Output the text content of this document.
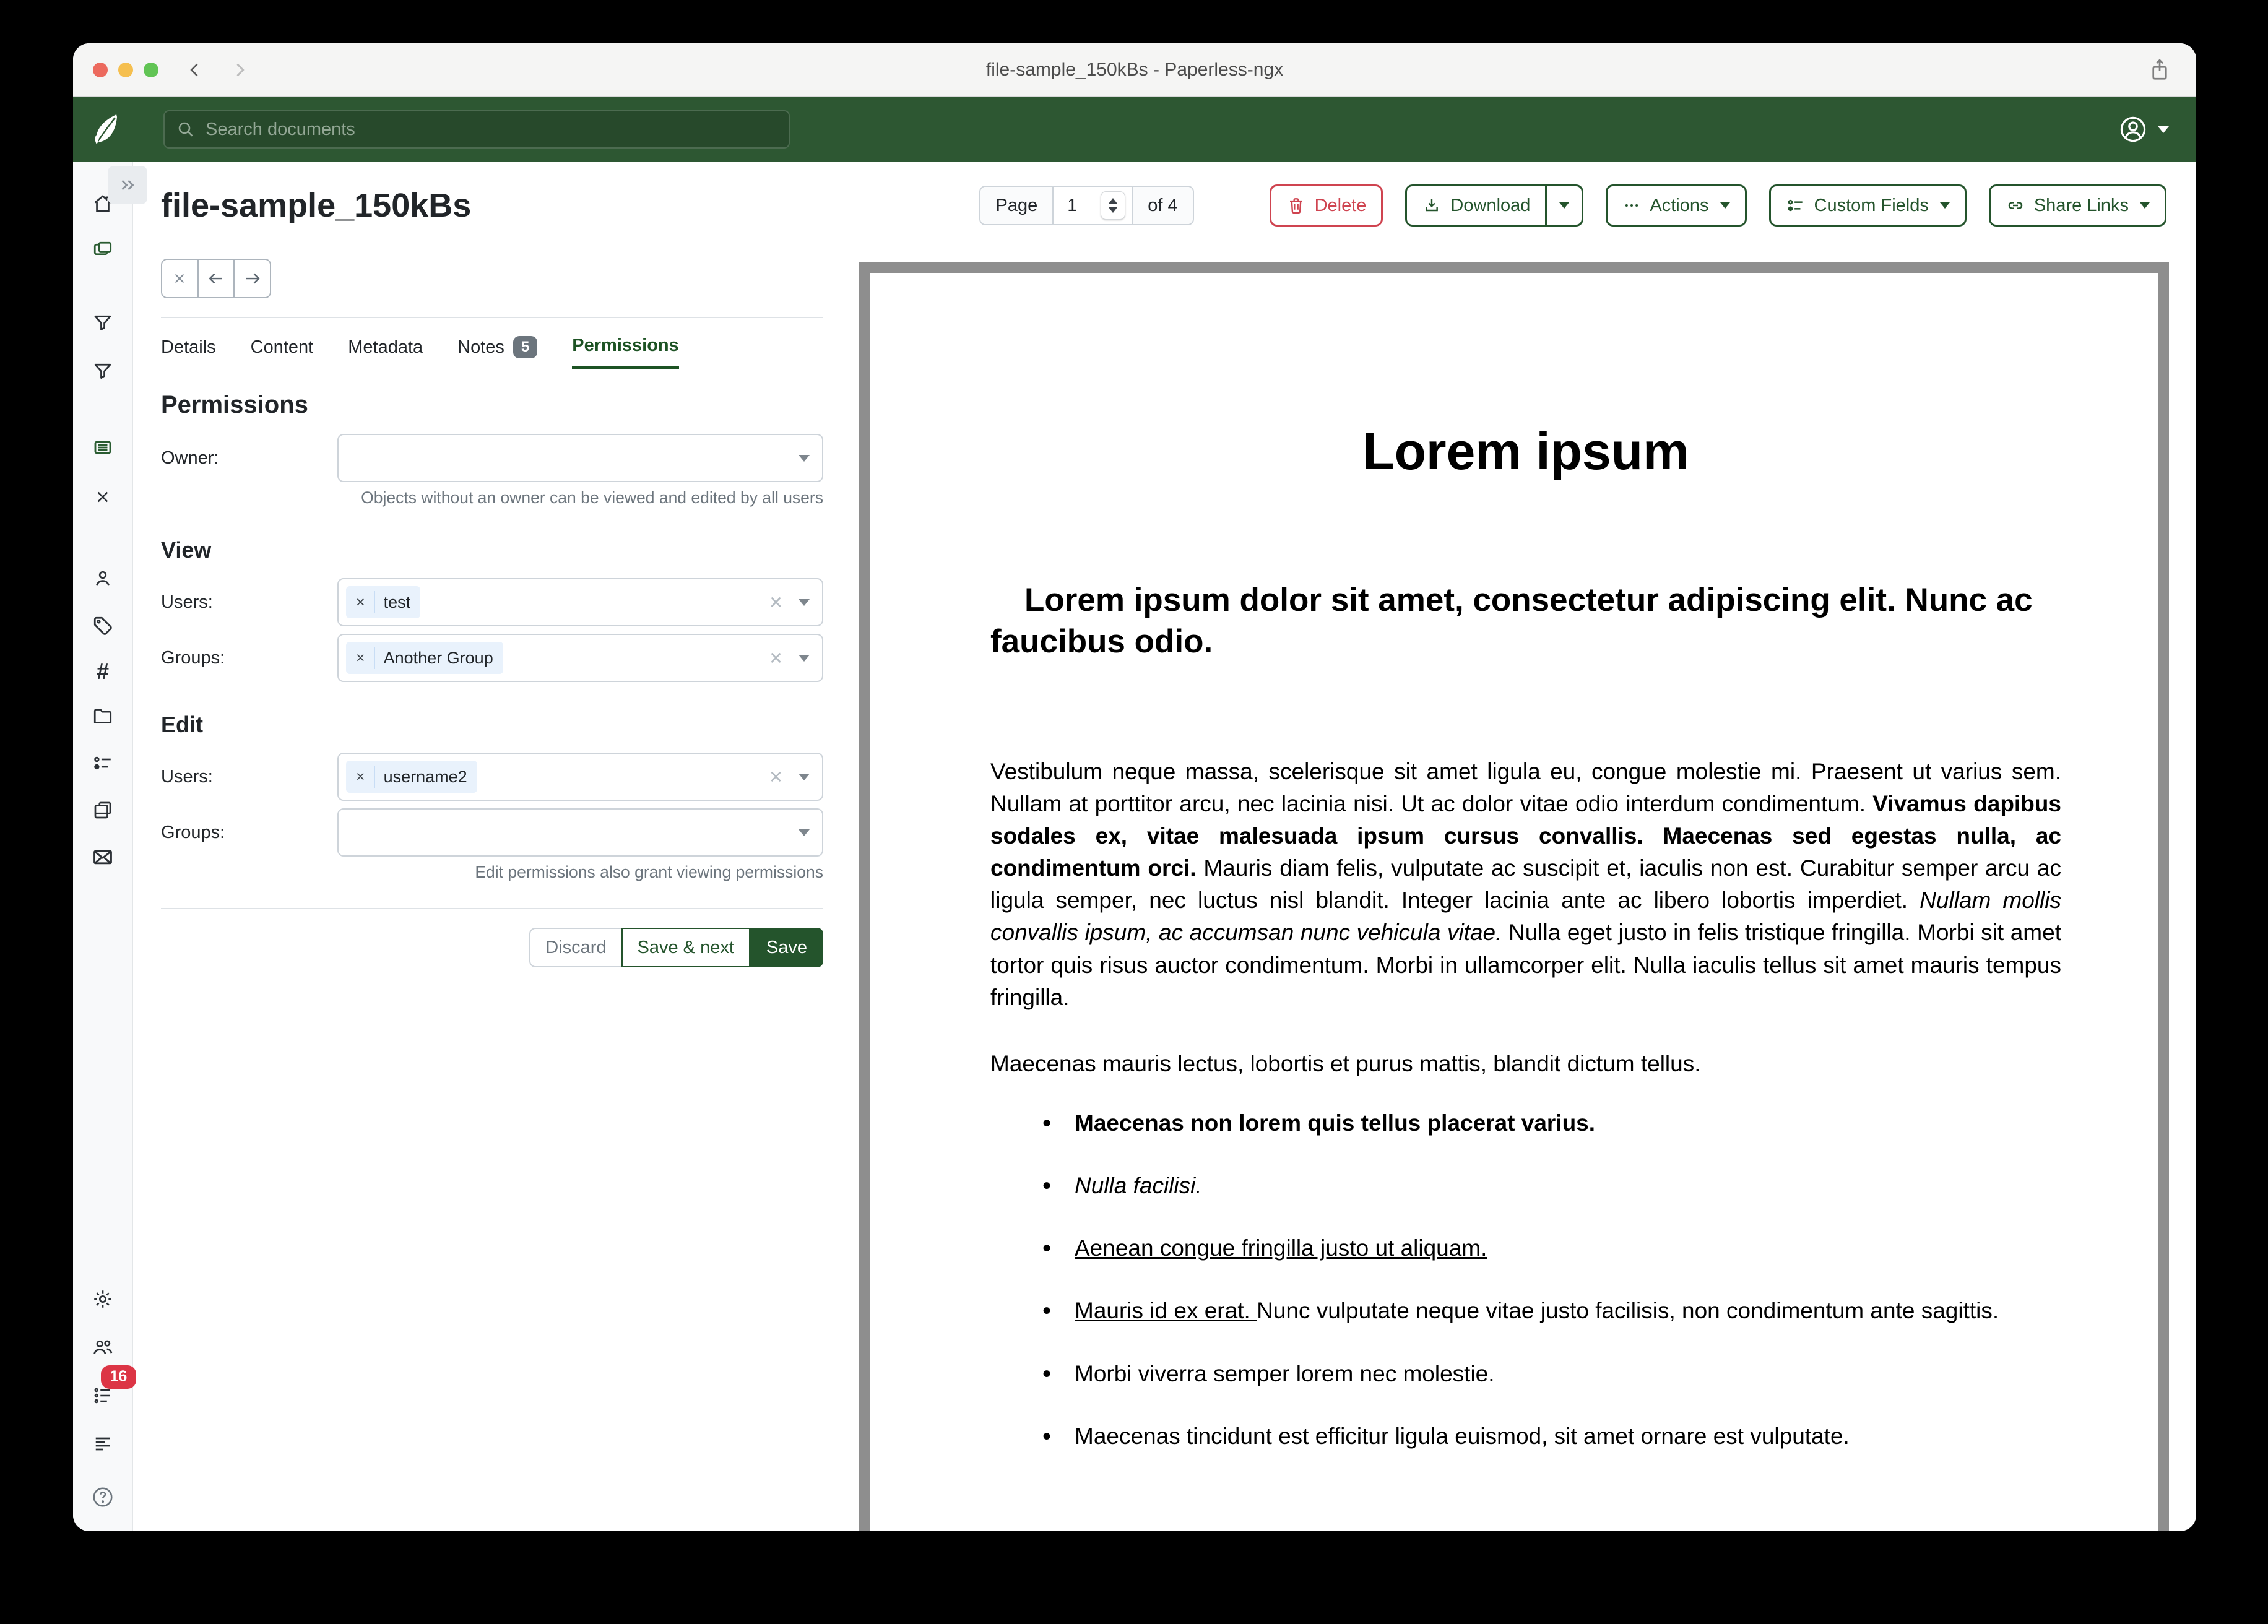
file-sample_150kBs - Paperless-ngx
Search documents
#
16
file-sample_150kBs	Page
1	of 4	Delete	Download	Actions	Custom Fields	Share Links
Details Content Metadata Notes	5	Permissions
Permissions
Owner:
Objects without an owner can be viewed and edited by all users
View
Users:	× test	×
Groups:	× Another Group	×
Edit
Users:	× username2	×
Groups:
Edit permissions also grant viewing permissions
Discard	Save & next	Save
Lorem ipsum
Lorem ipsum dolor sit amet, consectetur adipiscing elit. Nunc ac faucibus odio.
Vestibulum neque massa, scelerisque sit amet ligula eu, congue molestie mi. Praesent ut varius sem. Nullam at porttitor arcu, nec lacinia nisi. Ut ac dolor vitae odio interdum condimentum. Vivamus dapibus sodales ex, vitae malesuada ipsum cursus convallis. Maecenas sed egestas nulla, ac condimentum orci. Mauris diam felis, vulputate ac suscipit et, iaculis non est. Curabitur semper arcu ac ligula semper, nec luctus nisl blandit. Integer lacinia ante ac libero lobortis imperdiet. Nullam mollis convallis ipsum, ac accumsan nunc vehicula vitae. Nulla eget justo in felis tristique fringilla. Morbi sit amet tortor quis risus auctor condimentum. Morbi in ullamcorper elit. Nulla iaculis tellus sit amet mauris tempus fringilla.
Maecenas mauris lectus, lobortis et purus mattis, blandit dictum tellus.
• Maecenas non lorem quis tellus placerat varius.
• Nulla facilisi.
• Aenean congue fringilla justo ut aliquam.
• Mauris id ex erat. Nunc vulputate neque vitae justo facilisis, non condimentum ante sagittis.
• Morbi viverra semper lorem nec molestie.
• Maecenas tincidunt est efficitur ligula euismod, sit amet ornare est vulputate.
